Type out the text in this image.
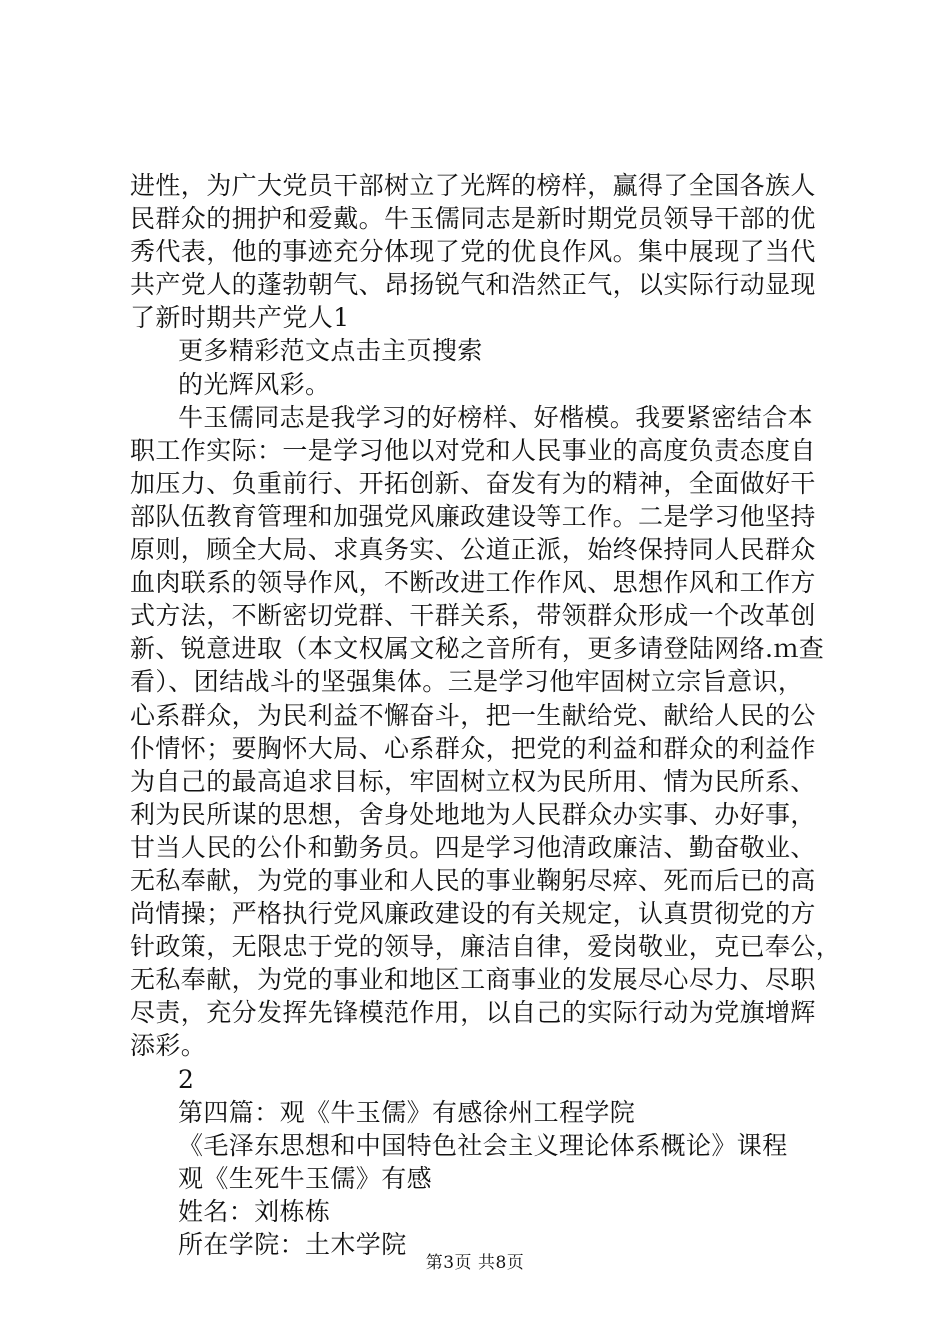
进性，为广大党员干部树立了光辉的榜样，赢得了全国各族人
民群众的拥护和爱戴。牛玉儒同志是新时期党员领导干部的优
秀代表，他的事迹充分体现了党的优良作风。集中展现了当代
共产党人的蓬勃朝气、昂扬锐气和浩然正气，以实际行动显现
了新时期共产党人1
更多精彩范文点击主页搜索
的光辉风彩。
牛玉儒同志是我学习的好榜样、好楷模。我要紧密结合本
职工作实际：一是学习他以对党和人民事业的高度负责态度自
加压力、负重前行、开拓创新、奋发有为的精神，全面做好干
部队伍教育管理和加强党风廉政建设等工作。二是学习他坚持
原则，顾全大局、求真务实、公道正派，始终保持同人民群众
血肉联系的领导作风，不断改进工作作风、思想作风和工作方
式方法，不断密切党群、干群关系，带领群众形成一个改革创
新、锐意进取（本文权属文秘之音所有，更多请登陆网络.ｍ查
看）、团结战斗的坚强集体。三是学习他牢固树立宗旨意识，
心系群众，为民利益不懈奋斗，把一生献给党、献给人民的公
仆情怀；要胸怀大局、心系群众，把党的利益和群众的利益作
为自己的最高追求目标，牢固树立权为民所用、情为民所系、
利为民所谋的思想，舍身处地地为人民群众办实事、办好事，
甘当人民的公仆和勤务员。四是学习他清政廉洁、勤奋敬业、
无私奉献，为党的事业和人民的事业鞠躬尽瘁、死而后已的高
尚情操；严格执行党风廉政建设的有关规定，认真贯彻党的方
针政策，无限忠于党的领导，廉洁自律，爱岗敬业，克已奉公，
无私奉献，为党的事业和地区工商事业的发展尽心尽力、尽职
尽责，充分发挥先锋模范作用，以自己的实际行动为党旗增辉
添彩。
2
第四篇：观《牛玉儒》有感徐州工程学院
《毛泽东思想和中国特色社会主义理论体系概论》课程
观《生死牛玉儒》有感
姓名：刘栋栋
所在学院：土木学院
第3页 共8页
